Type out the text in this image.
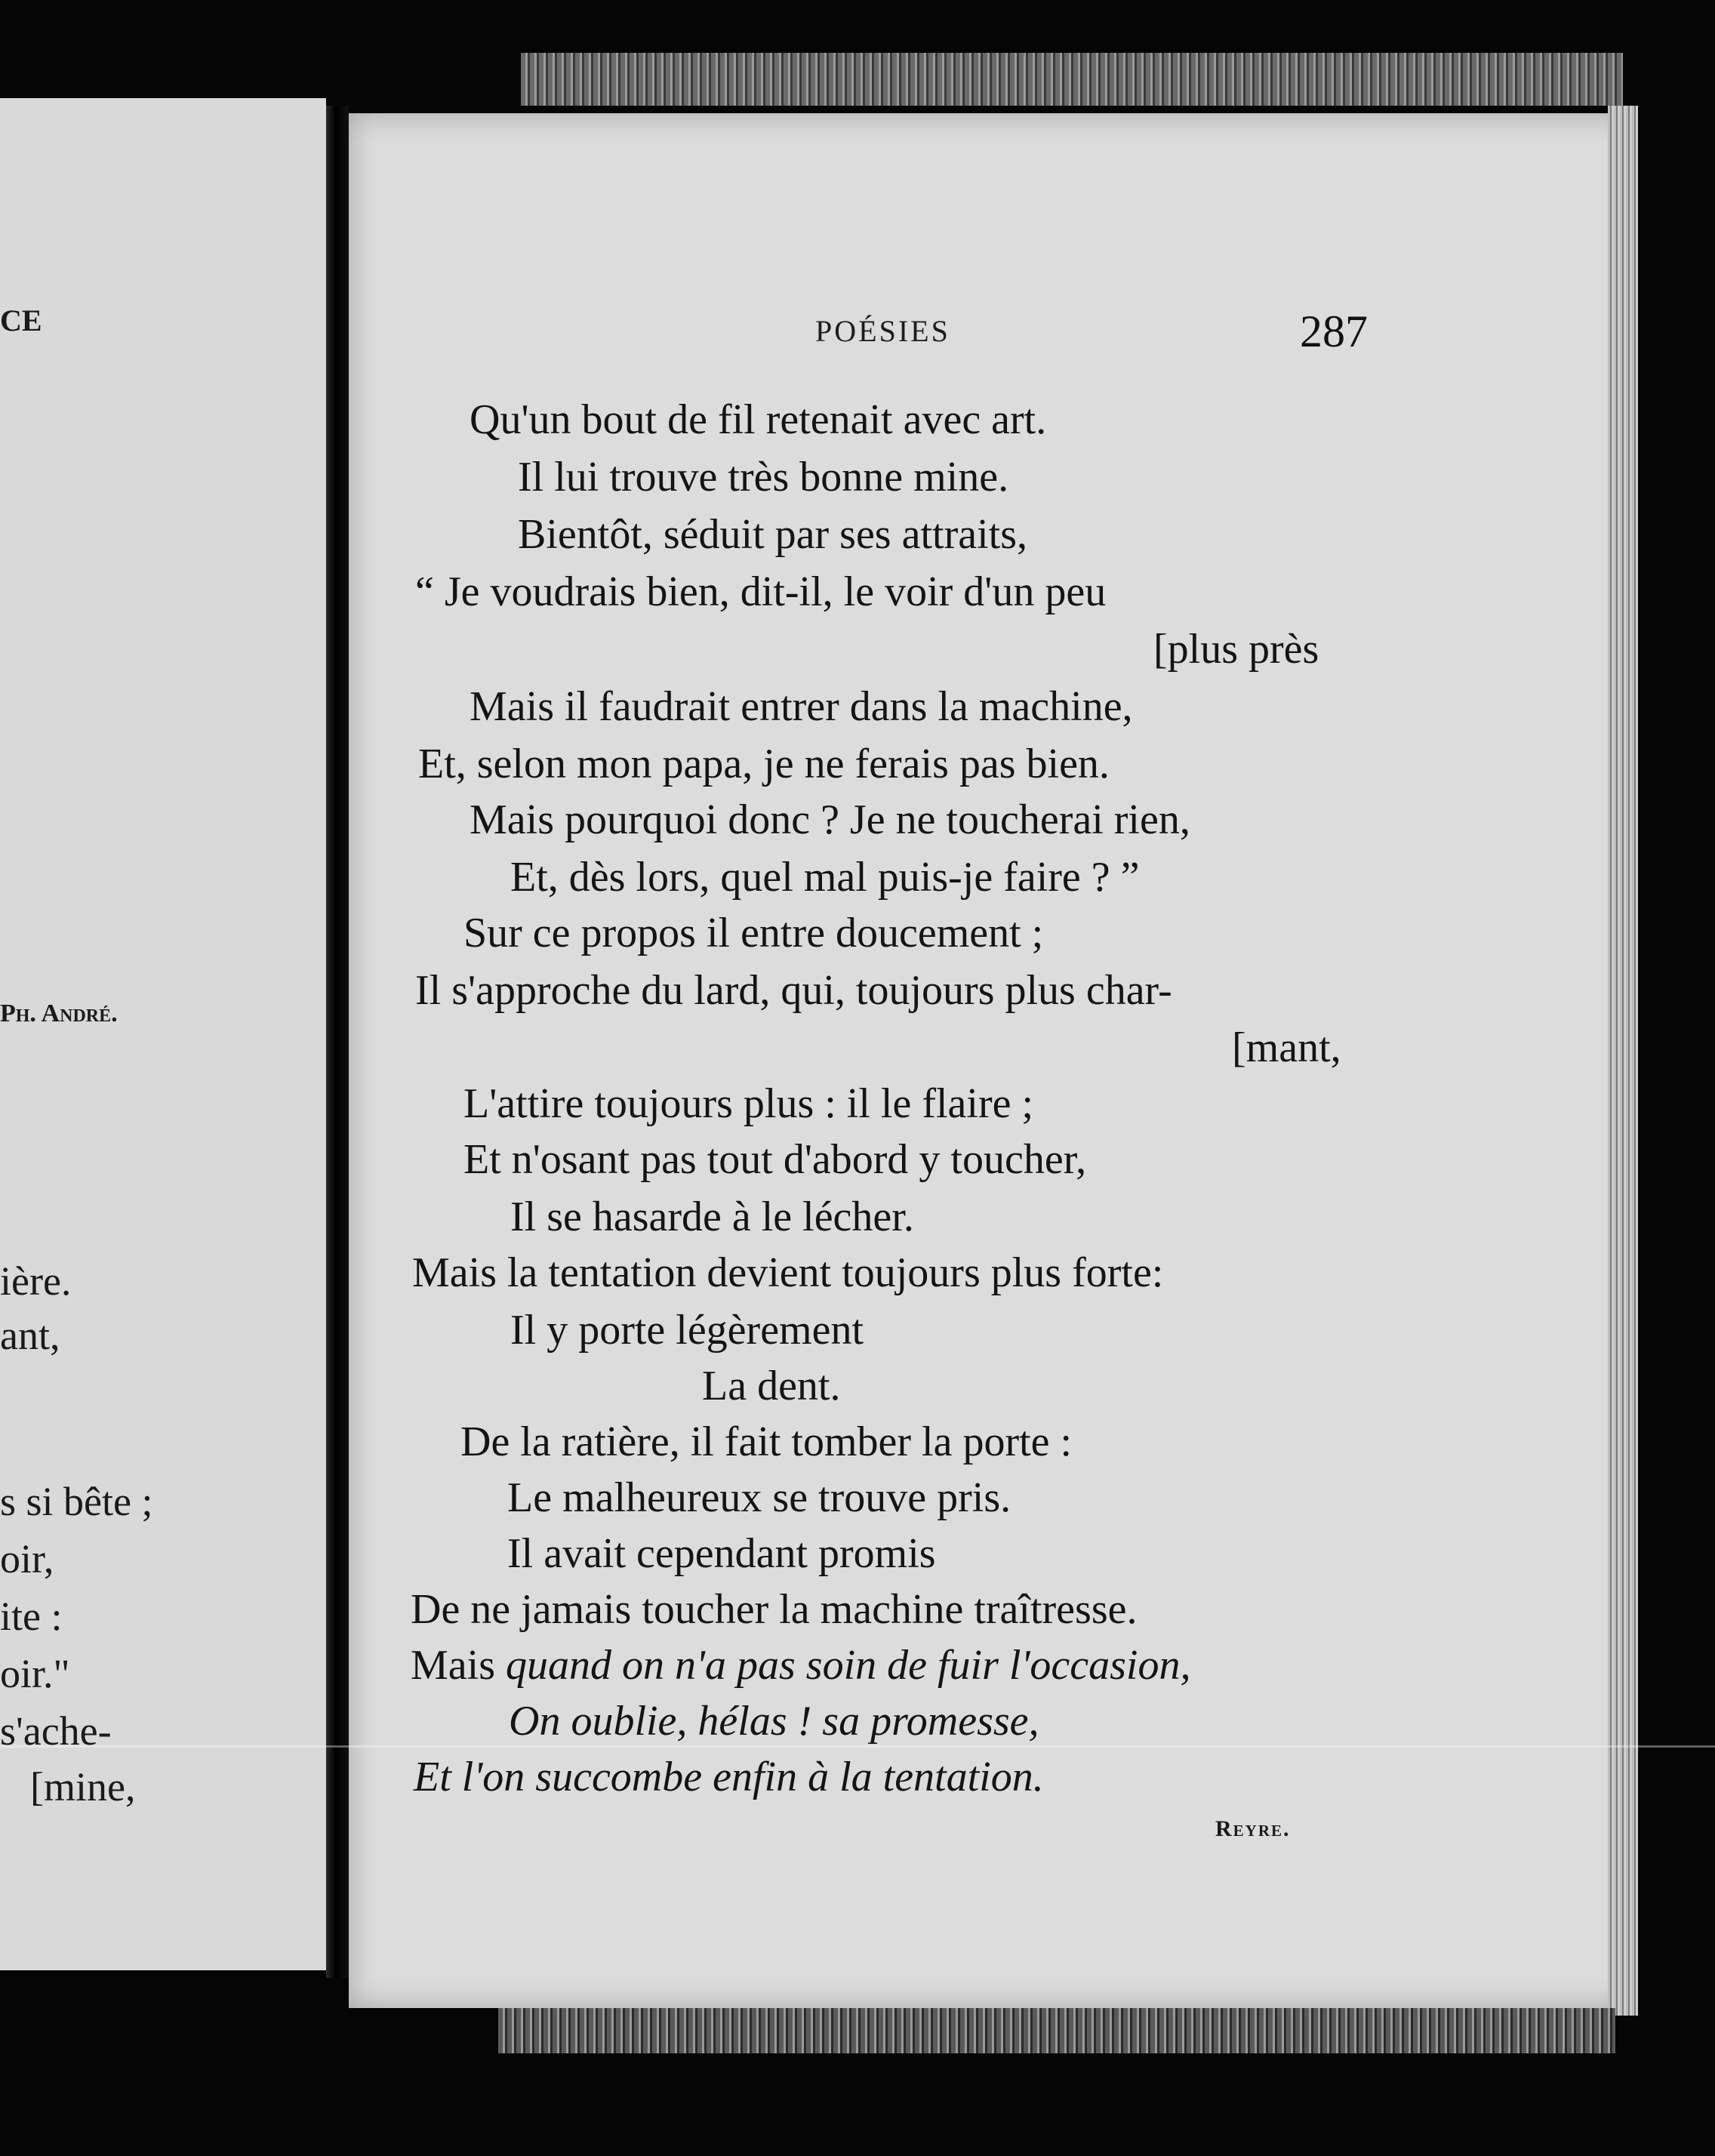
CE
Ph. André.
ière.
ant,
s si bête ;
oir,
ite :
oir."
s'ache-
[mine,
POÉSIES	287
Qu'un bout de fil retenait avec art.
Il lui trouve très bonne mine.
Bientôt, séduit par ses attraits,
“ Je voudrais bien, dit-il, le voir d'un peu
[plus près
Mais il faudrait entrer dans la machine,
Et, selon mon papa, je ne ferais pas bien.
Mais pourquoi donc ? Je ne toucherai rien,
Et, dès lors, quel mal puis-je faire ? ”
Sur ce propos il entre doucement ;
Il s'approche du lard, qui, toujours plus char-
[mant,
L'attire toujours plus : il le flaire ;
Et n'osant pas tout d'abord y toucher,
Il se hasarde à le lécher.
Mais la tentation devient toujours plus forte:
Il y porte légèrement
La dent.
De la ratière, il fait tomber la porte :
Le malheureux se trouve pris.
Il avait cependant promis
De ne jamais toucher la machine traîtresse.
Mais quand on n'a pas soin de fuir l'occasion,
On oublie, hélas ! sa promesse,
Et l'on succombe enfin à la tentation.
Reyre.
